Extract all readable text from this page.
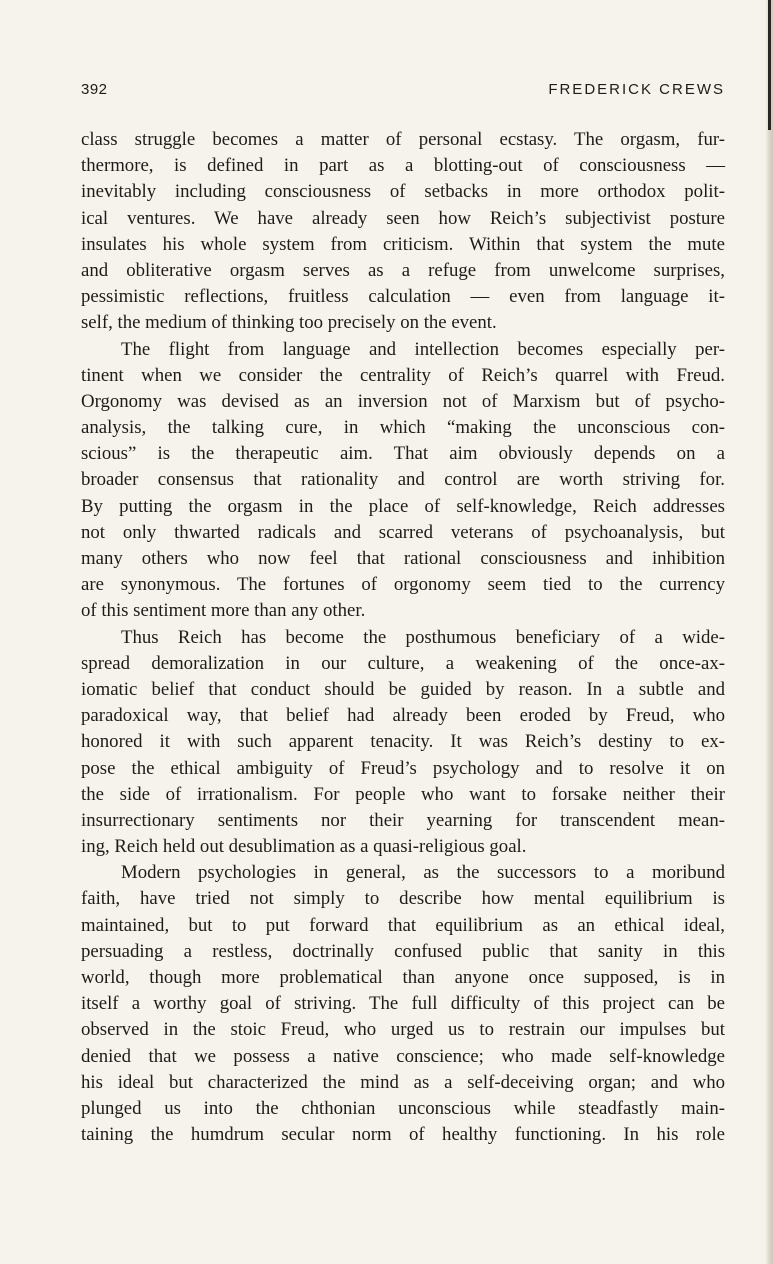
392	FREDERICK CREWS
class struggle becomes a matter of personal ecstasy. The orgasm, fur-
thermore, is defined in part as a blotting-out of consciousness —
inevitably including consciousness of setbacks in more orthodox polit-
ical ventures. We have already seen how Reich’s subjectivist posture
insulates his whole system from criticism. Within that system the mute
and obliterative orgasm serves as a refuge from unwelcome surprises,
pessimistic reflections, fruitless calculation — even from language it-
self, the medium of thinking too precisely on the event.
The flight from language and intellection becomes especially per-
tinent when we consider the centrality of Reich’s quarrel with Freud.
Orgonomy was devised as an inversion not of Marxism but of psycho-
analysis, the talking cure, in which “making the unconscious con-
scious” is the therapeutic aim. That aim obviously depends on a
broader consensus that rationality and control are worth striving for.
By putting the orgasm in the place of self-knowledge, Reich addresses
not only thwarted radicals and scarred veterans of psychoanalysis, but
many others who now feel that rational consciousness and inhibition
are synonymous. The fortunes of orgonomy seem tied to the currency
of this sentiment more than any other.
Thus Reich has become the posthumous beneficiary of a wide-
spread demoralization in our culture, a weakening of the once-ax-
iomatic belief that conduct should be guided by reason. In a subtle and
paradoxical way, that belief had already been eroded by Freud, who
honored it with such apparent tenacity. It was Reich’s destiny to ex-
pose the ethical ambiguity of Freud’s psychology and to resolve it on
the side of irrationalism. For people who want to forsake neither their
insurrectionary sentiments nor their yearning for transcendent mean-
ing, Reich held out desublimation as a quasi-religious goal.
Modern psychologies in general, as the successors to a moribund
faith, have tried not simply to describe how mental equilibrium is
maintained, but to put forward that equilibrium as an ethical ideal,
persuading a restless, doctrinally confused public that sanity in this
world, though more problematical than anyone once supposed, is in
itself a worthy goal of striving. The full difficulty of this project can be
observed in the stoic Freud, who urged us to restrain our impulses but
denied that we possess a native conscience; who made self-knowledge
his ideal but characterized the mind as a self-deceiving organ; and who
plunged us into the chthonian unconscious while steadfastly main-
taining the humdrum secular norm of healthy functioning. In his role
